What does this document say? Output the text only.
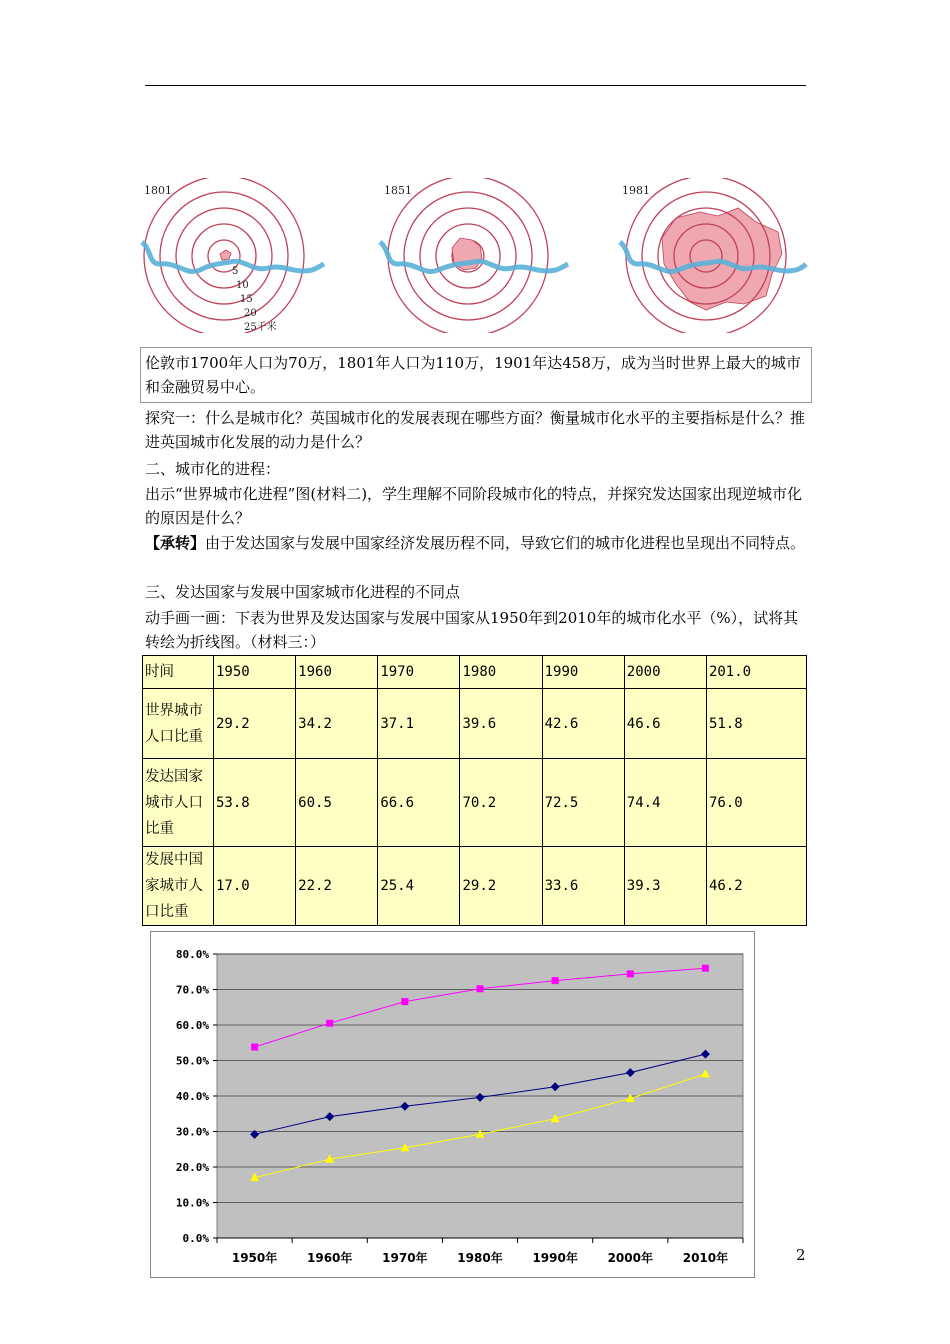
1801
5
10
15
20
25千米
1851	1981
伦敦市1700年人口为70万，1801年人口为110万，1901年达458万，成为当时世界上最大的城市和金融贸易中心。
探究一：什么是城市化？英国城市化的发展表现在哪些方面？衡量城市化水平的主要指标是什么？推进英国城市化发展的动力是什么？
二、城市化的进程：
出示“世界城市化进程”图(材料二)，学生理解不同阶段城市化的特点，并探究发达国家出现逆城市化的原因是什么？
【承转】由于发达国家与发展中国家经济发展历程不同，导致它们的城市化进程也呈现出不同特点。
三、发达国家与发展中国家城市化进程的不同点
动手画一画：下表为世界及发达国家与发展中国家从1950年到2010年的城市化水平（%），试将其转绘为折线图。（材料三：）
时间	1950	1960	1970	1980	1990	2000	201.0
世界城市人口比重	29.2	34.2	37.1	39.6	42.6	46.6	51.8
发达国家城市人口比重	53.8	60.5	66.6	70.2	72.5	74.4	76.0
发展中国家城市人口比重	17.0	22.2	25.4	29.2	33.6	39.3	46.2
0.0%
10.0%
20.0%
30.0%
40.0%
50.0%
60.0%
70.0%
80.0%
1950年 1960年 1970年 1980年 1990年 2000年 2010年	2
